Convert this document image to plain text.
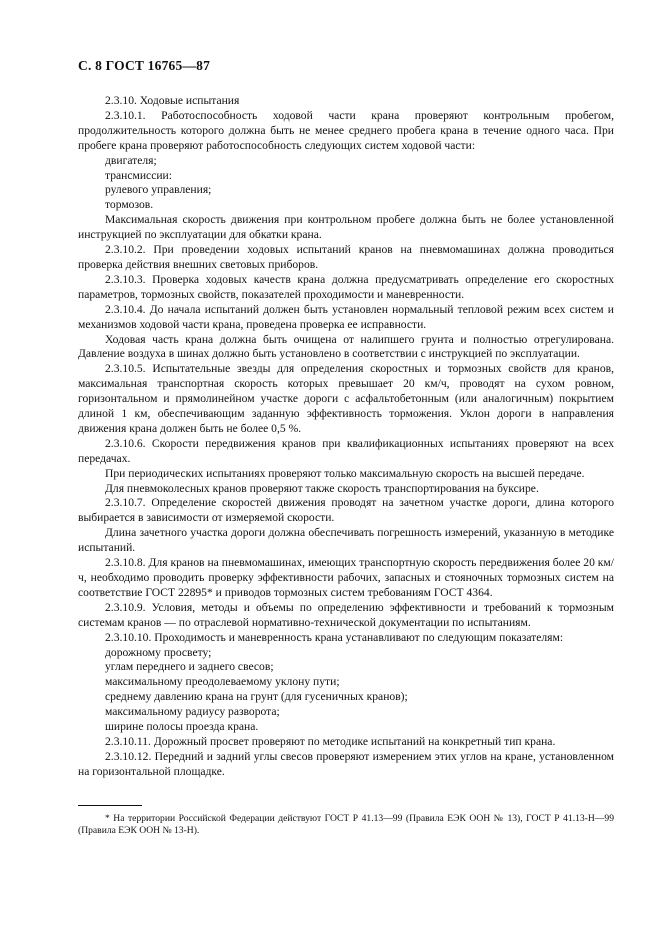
С. 8 ГОСТ 16765—87

2.3.10. Ходовые испытания

2.3.10.1. Работоспособность ходовой части крана проверяют контрольным пробегом, продолжительность которого должна быть не менее среднего пробега крана в течение одного часа. При пробеге крана проверяют работоспособность следующих систем ходовой части:

двигателя;

трансмиссии:

рулевого управления;

тормозов.

Максимальная скорость движения при контрольном пробеге должна быть не более установленной инструкцией по эксплуатации для обкатки крана.

2.3.10.2. При проведении ходовых испытаний кранов на пневмомашинах должна проводиться проверка действия внешних световых приборов.

2.3.10.3. Проверка ходовых качеств крана должна предусматривать определение его скоростных параметров, тормозных свойств, показателей проходимости и маневренности.

2.3.10.4. До начала испытаний должен быть установлен нормальный тепловой режим всех систем и механизмов ходовой части крана, проведена проверка ее исправности.

Ходовая часть крана должна быть очищена от налипшего грунта и полностью отрегулирована. Давление воздуха в шинах должно быть установлено в соответствии с инструкцией по эксплуатации.

2.3.10.5. Испытательные звезды для определения скоростных и тормозных свойств для кранов, максимальная транспортная скорость которых превышает 20 км/ч, проводят на сухом ровном, горизонтальном и прямолинейном участке дороги с асфальтобетонным (или аналогичным) покрытием длиной 1 км, обеспечивающим заданную эффективность торможения. Уклон дороги в направления движения крана должен быть не более 0,5 %.

2.3.10.6. Скорости передвижения кранов при квалификационных испытаниях проверяют на всех передачах.

При периодических испытаниях проверяют только максимальную скорость на высшей передаче.

Для пневмоколесных кранов проверяют также скорость транспортирования на буксире.

2.3.10.7. Определение скоростей движения проводят на зачетном участке дороги, длина которого выбирается в зависимости от измеряемой скорости.

Длина зачетного участка дороги должна обеспечивать погрешность измерений, указанную в методике испытаний.

2.3.10.8. Для кранов на пневмомашинах, имеющих транспортную скорость передвижения более 20 км/ч, необходимо проводить проверку эффективности рабочих, запасных и стояночных тормозных систем на соответствие ГОСТ 22895* и приводов тормозных систем требованиям ГОСТ 4364.

2.3.10.9. Условия, методы и объемы по определению эффективности и требований к тормозным системам кранов — по отраслевой нормативно-технической документации по испытаниям.

2.3.10.10. Проходимость и маневренность крана устанавливают по следующим показателям:

дорожному просвету;

углам переднего и заднего свесов;

максимальному преодолеваемому уклону пути;

среднему давлению крана на грунт (для гусеничных кранов);

максимальному радиусу разворота;

ширине полосы проезда крана.

2.3.10.11. Дорожный просвет проверяют по методике испытаний на конкретный тип крана.

2.3.10.12. Передний и задний углы свесов проверяют измерением этих углов на кране, установленном на горизонтальной площадке.

* На территории Российской Федерации действуют ГОСТ Р 41.13—99 (Правила ЕЭК ООН № 13), ГОСТ Р 41.13-Н—99 (Правила ЕЭК ООН № 13-Н).
